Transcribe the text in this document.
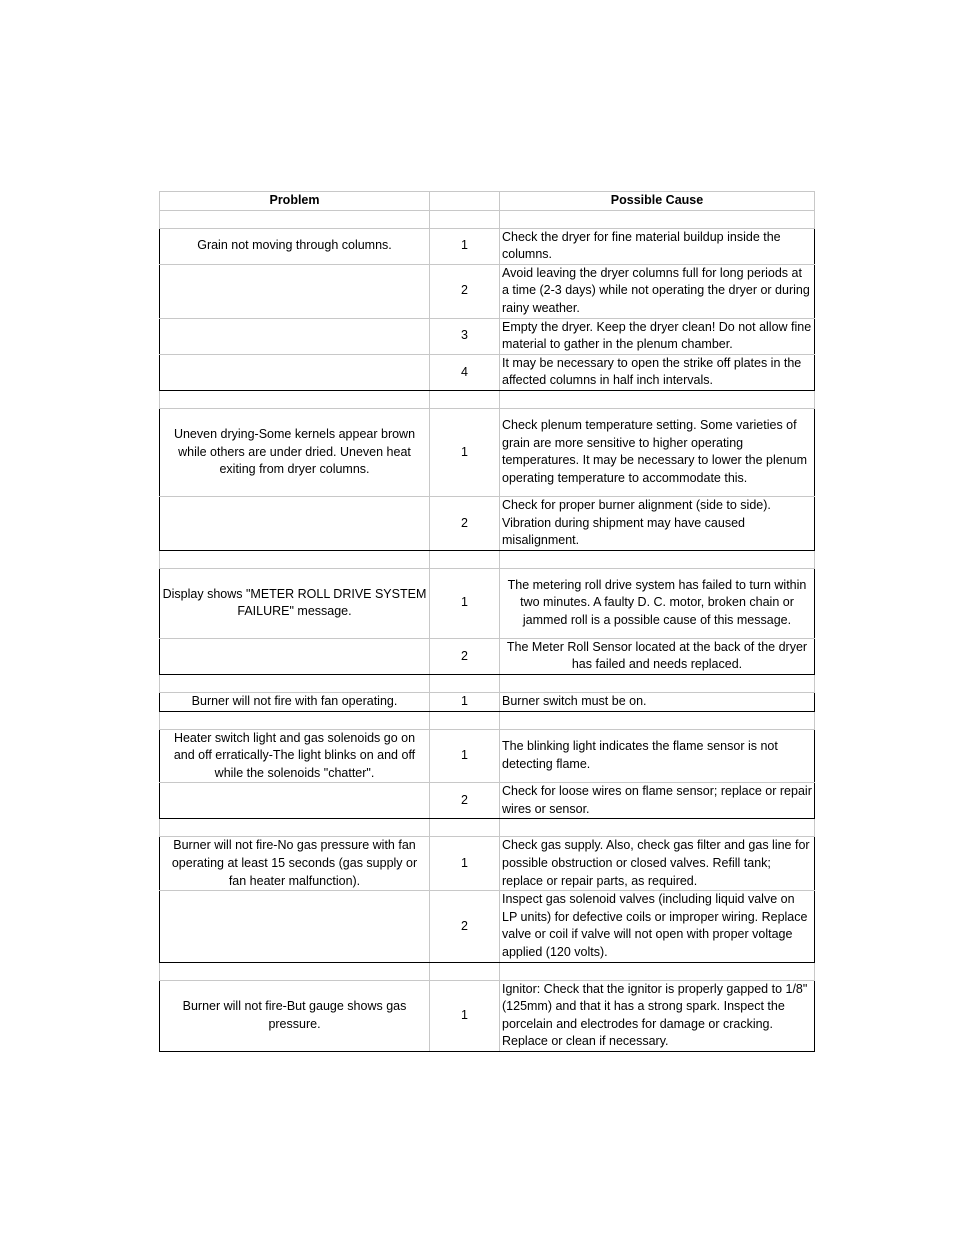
Problem		Possible Cause

Grain not moving through columns.	1	Check the dryer for fine material buildup inside the columns.
	2	Avoid leaving the dryer columns full for long periods at a time (2-3 days) while not operating the dryer or during rainy weather.
	3	Empty the dryer. Keep the dryer clean! Do not allow fine material to gather in the plenum chamber.
	4	It may be necessary to open the strike off plates in the affected columns in half inch intervals.

Uneven drying-Some kernels appear brown while others are under dried. Uneven heat exiting from dryer columns.	1	Check plenum temperature setting. Some varieties of grain are more sensitive to higher operating temperatures. It may be necessary to lower the plenum operating temperature to accommodate this.
	2	Check for proper burner alignment (side to side). Vibration during shipment may have caused misalignment.

Display shows "METER ROLL DRIVE SYSTEM FAILURE" message.	1	The metering roll drive system has failed to turn within two minutes. A faulty D. C. motor, broken chain or jammed roll is a possible cause of this message.
	2	The Meter Roll Sensor located at the back of the dryer has failed and needs replaced.

Burner will not fire with fan operating.	1	Burner switch must be on.

Heater switch light and gas solenoids go on and off erratically-The light blinks on and off while the solenoids "chatter".	1	The blinking light indicates the flame sensor is not detecting flame.
	2	Check for loose wires on flame sensor; replace or repair wires or sensor.

Burner will not fire-No gas pressure with fan operating at least 15 seconds (gas supply or fan heater malfunction).	1	Check gas supply. Also, check gas filter and gas line for possible obstruction or closed valves. Refill tank; replace or repair parts, as required.
	2	Inspect gas solenoid valves (including liquid valve on LP units) for defective coils or improper wiring. Replace valve or coil if valve will not open with proper voltage applied (120 volts).

Burner will not fire-But gauge shows gas pressure.	1	Ignitor: Check that the ignitor is properly gapped to 1/8" (125mm) and that it has a strong spark. Inspect the porcelain and electrodes for damage or cracking. Replace or clean if necessary.
